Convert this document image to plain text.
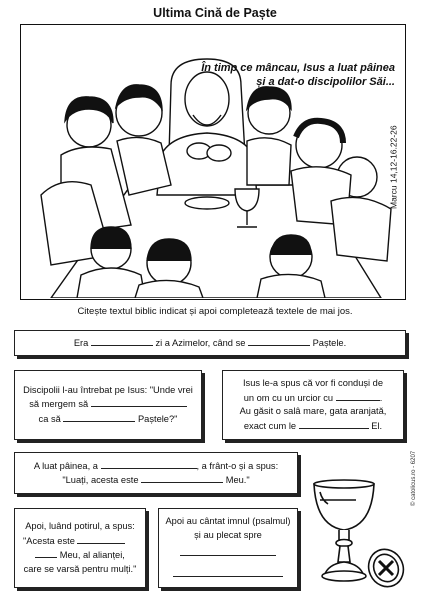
Ultima Cină de Paște
În timp ce mâncau, Isus a luat pâinea
și a dat-o discipolilor Săi...
Marcu 14,12-16.22-26
Citește textul biblic indicat și apoi completează textele de mai jos.

Era	zi a Azimelor, când se	Paștele.

Discipolii l-au întrebat pe Isus: "Unde vrei

să mergem să

ca să	Paștele?"

Isus le-a spus că vor fi conduși de

un om cu un urcior cu	.

Au găsit o salâ mare, gata aranjată,

exact cum le	El.

A luat pâinea, a	, a frânt-o și a spus:

"Luați, acesta este	Meu."

Apoi, luând potirul, a spus:

"Acesta este

Meu, al alianței,

care se varsă pentru mulți."

Apoi au cântat imnul (psalmul)

și au plecat spre

© catolicus.ro - 6207
